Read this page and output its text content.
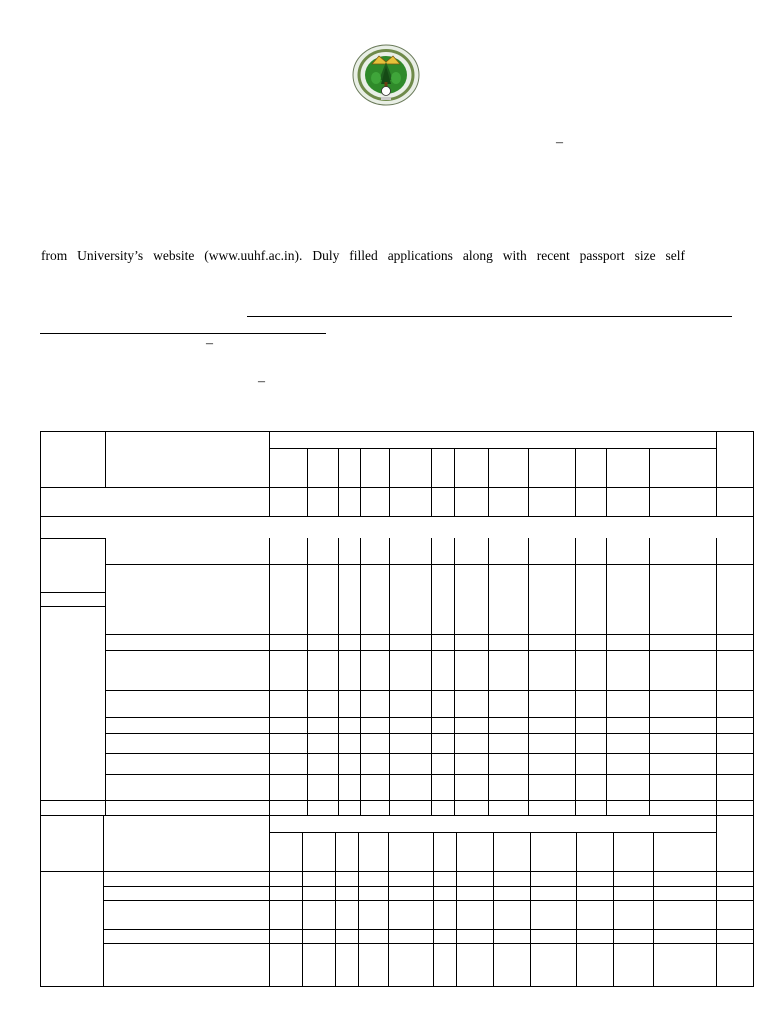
–
from University’s website (www.uuhf.ac.in). Duly filled applications along with recent passport size self
–
–
